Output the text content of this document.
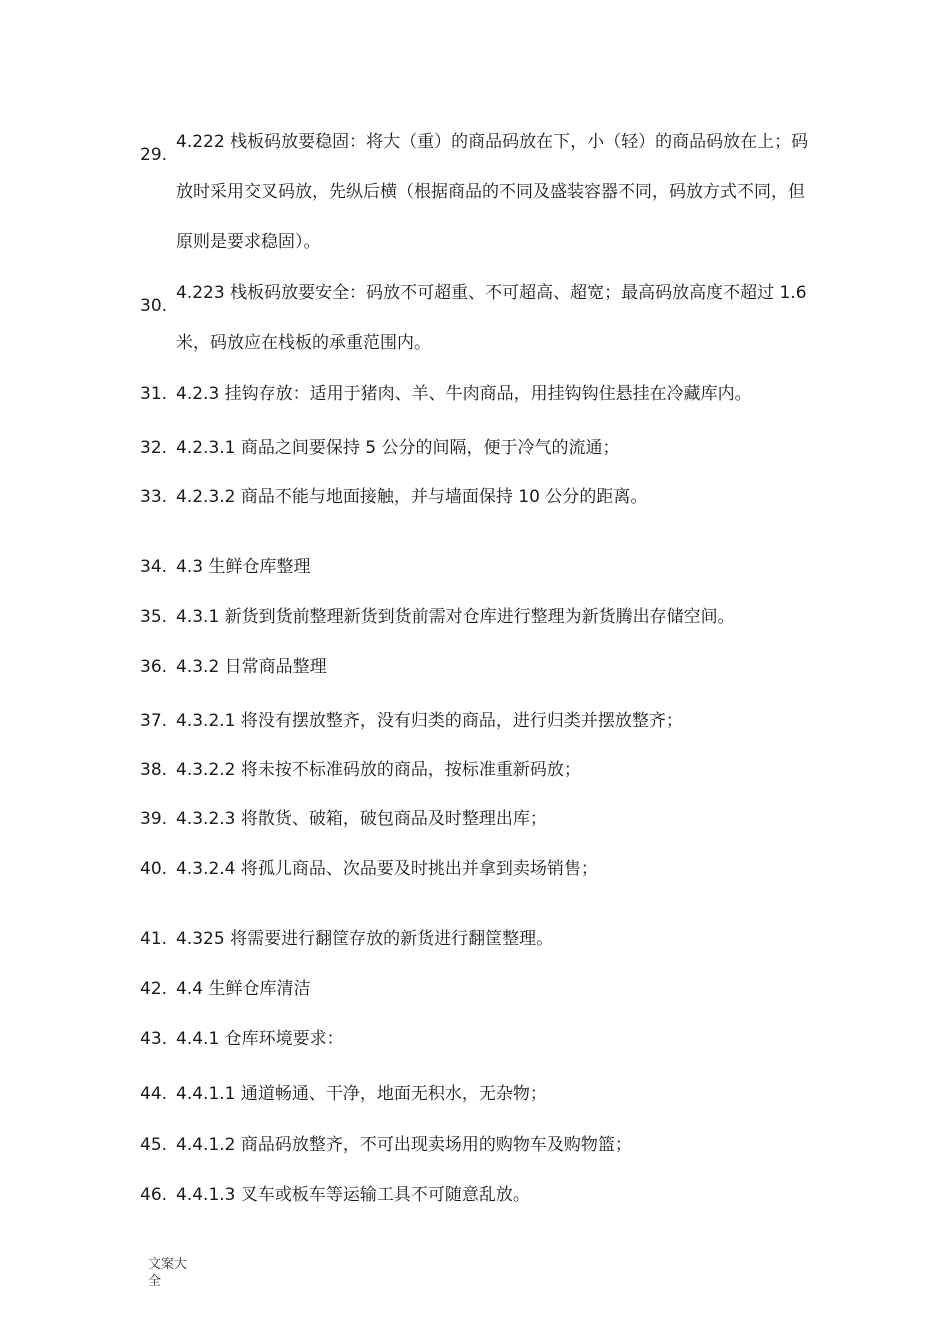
29.
4.222 栈板码放要稳固：将大（重）的商品码放在下，小（轻）的商品码放在上；码放时采用交叉码放，先纵后横（根据商品的不同及盛装容器不同，码放方式不同，但原则是要求稳固）。
30.
4.223 栈板码放要安全：码放不可超重、不可超高、超宽；最高码放高度不超过 1.6 米，码放应在栈板的承重范围内。
31. 4.2.3 挂钩存放：适用于猪肉、羊、牛肉商品，用挂钩钩住悬挂在冷藏库内。
32. 4.2.3.1 商品之间要保持 5 公分的间隔，便于冷气的流通；
33. 4.2.3.2 商品不能与地面接触，并与墙面保持 10 公分的距离。
34. 4.3 生鲜仓库整理
35. 4.3.1 新货到货前整理新货到货前需对仓库进行整理为新货腾出存储空间。
36. 4.3.2 日常商品整理
37. 4.3.2.1 将没有摆放整齐，没有归类的商品，进行归类并摆放整齐；
38. 4.3.2.2 将未按不标准码放的商品，按标准重新码放；
39. 4.3.2.3 将散货、破箱，破包商品及时整理出库；
40. 4.3.2.4 将孤儿商品、次品要及时挑出并拿到卖场销售；
41. 4.325 将需要进行翻筐存放的新货进行翻筐整理。
42. 4.4 生鲜仓库清洁
43. 4.4.1 仓库环境要求：
44. 4.4.1.1 通道畅通、干净，地面无积水，无杂物；
45. 4.4.1.2 商品码放整齐，不可出现卖场用的购物车及购物篮；
46. 4.4.1.3 叉车或板车等运输工具不可随意乱放。
文案大全
